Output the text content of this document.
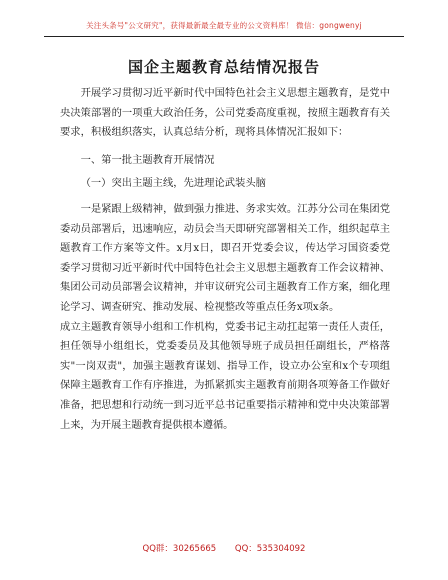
关注头条号"公文研究"，获得最新最全最专业的公文资料库！ 微信：gongwenyj
国企主题教育总结情况报告

开展学习贯彻习近平新时代中国特色社会主义思想主题教育，是党中央决策部署的一项重大政治任务，公司党委高度重视，按照主题教育有关要求，积极组织落实，认真总结分析，现将具体情况汇报如下：

一、第一批主题教育开展情况

（一）突出主题主线，先进理论武装头脑

一是紧跟上级精神，做到强力推进、务求实效。江苏分公司在集团党委动员部署后，迅速响应，动员会当天即研究部署相关工作，组织起草主题教育工作方案等文件。x月x日，即召开党委会议，传达学习国资委党委学习贯彻习近平新时代中国特色社会主义思想主题教育工作会议精神、集团公司动员部署会议精神，并审议研究公司主题教育工作方案，细化理论学习、调查研究、推动发展、检视整改等重点任务x项x条。

成立主题教育领导小组和工作机构，党委书记主动扛起第一责任人责任，担任领导小组组长，党委委员及其他领导班子成员担任副组长，严格落实"一岗双责"，加强主题教育谋划、指导工作，设立办公室和x个专项组保障主题教育工作有序推进，为抓紧抓实主题教育前期各项筹备工作做好准备，把思想和行动统一到习近平总书记重要指示精神和党中央决策部署上来，为开展主题教育提供根本遵循。

QQ群：30265665 QQ：535304092
